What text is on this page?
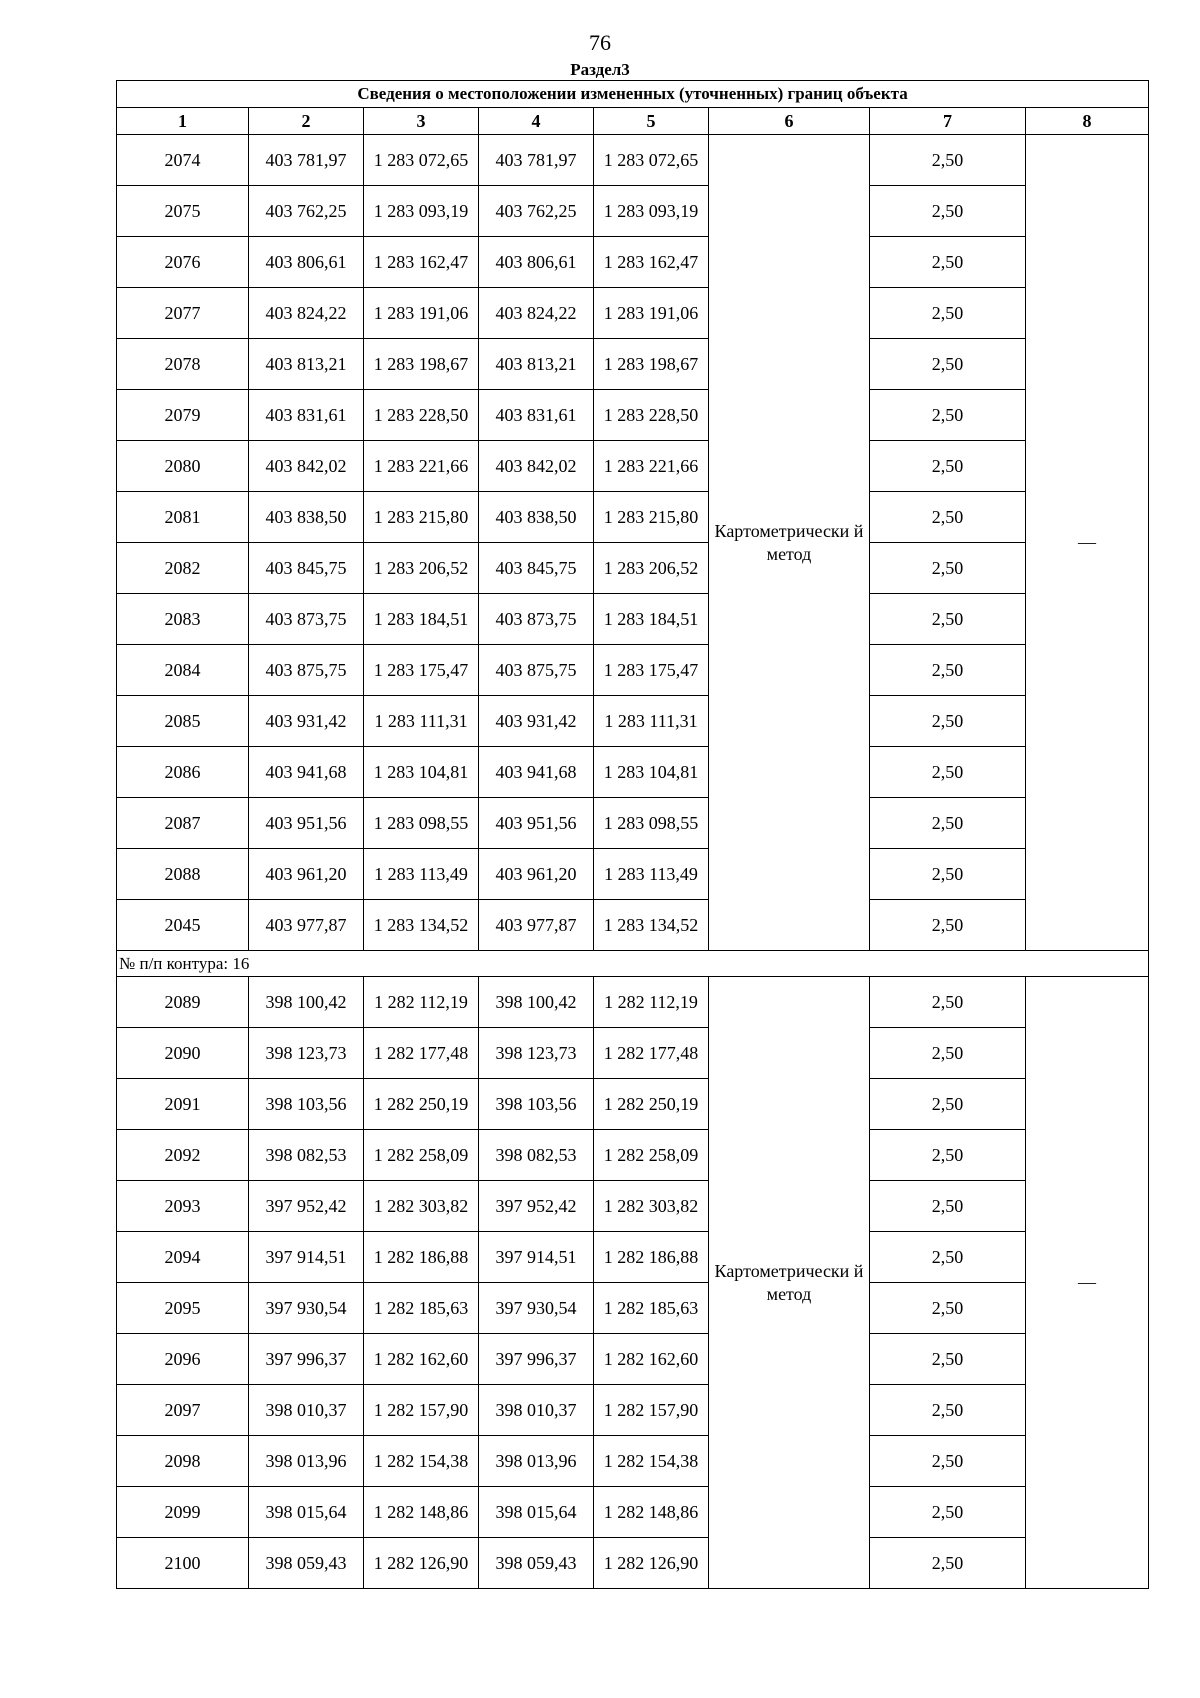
76
Раздел3
Сведения о местоположении измененных (уточненных) границ объекта							
1	2	3	4	5	6	7	8
2074	403 781,97	1 283 072,65	403 781,97	1 283 072,65	Картометрически й метод	2,50	—
2075	403 762,25	1 283 093,19	403 762,25	1 283 093,19		2,50	
2076	403 806,61	1 283 162,47	403 806,61	1 283 162,47		2,50	
2077	403 824,22	1 283 191,06	403 824,22	1 283 191,06		2,50	
2078	403 813,21	1 283 198,67	403 813,21	1 283 198,67		2,50	
2079	403 831,61	1 283 228,50	403 831,61	1 283 228,50		2,50	
2080	403 842,02	1 283 221,66	403 842,02	1 283 221,66		2,50	
2081	403 838,50	1 283 215,80	403 838,50	1 283 215,80		2,50	
2082	403 845,75	1 283 206,52	403 845,75	1 283 206,52		2,50	
2083	403 873,75	1 283 184,51	403 873,75	1 283 184,51		2,50	
2084	403 875,75	1 283 175,47	403 875,75	1 283 175,47		2,50	
2085	403 931,42	1 283 111,31	403 931,42	1 283 111,31		2,50	
2086	403 941,68	1 283 104,81	403 941,68	1 283 104,81		2,50	
2087	403 951,56	1 283 098,55	403 951,56	1 283 098,55		2,50	
2088	403 961,20	1 283 113,49	403 961,20	1 283 113,49		2,50	
2045	403 977,87	1 283 134,52	403 977,87	1 283 134,52		2,50	
№ п/п контура: 16							
2089	398 100,42	1 282 112,19	398 100,42	1 282 112,19	Картометрически й метод	2,50	—
2090	398 123,73	1 282 177,48	398 123,73	1 282 177,48		2,50	
2091	398 103,56	1 282 250,19	398 103,56	1 282 250,19		2,50	
2092	398 082,53	1 282 258,09	398 082,53	1 282 258,09		2,50	
2093	397 952,42	1 282 303,82	397 952,42	1 282 303,82		2,50	
2094	397 914,51	1 282 186,88	397 914,51	1 282 186,88		2,50	
2095	397 930,54	1 282 185,63	397 930,54	1 282 185,63		2,50	
2096	397 996,37	1 282 162,60	397 996,37	1 282 162,60		2,50	
2097	398 010,37	1 282 157,90	398 010,37	1 282 157,90		2,50	
2098	398 013,96	1 282 154,38	398 013,96	1 282 154,38		2,50	
2099	398 015,64	1 282 148,86	398 015,64	1 282 148,86		2,50	
2100	398 059,43	1 282 126,90	398 059,43	1 282 126,90		2,50	
